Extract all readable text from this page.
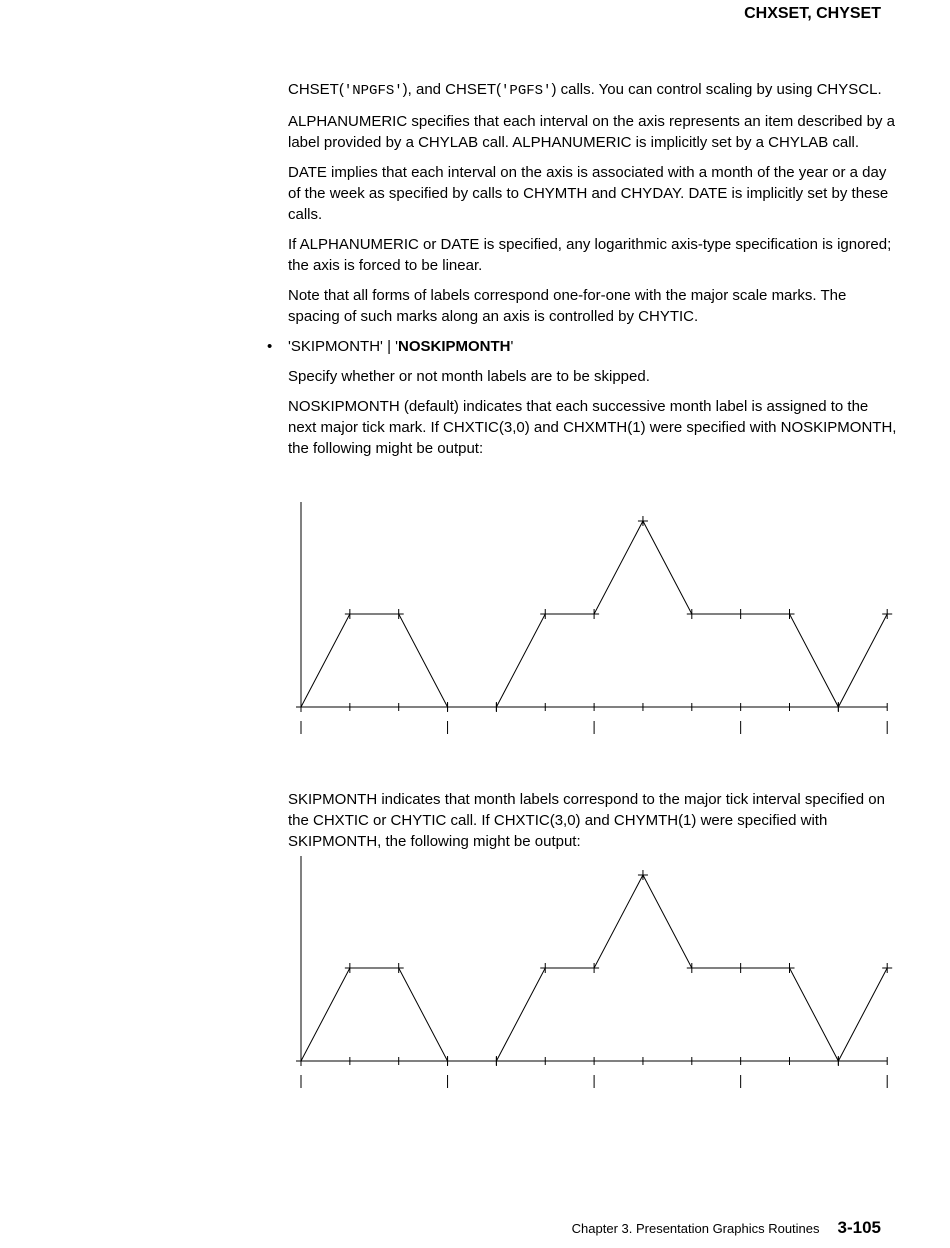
CHXSET, CHYSET

CHSET('NPGFS'), and CHSET('PGFS') calls. You can control scaling by using CHYSCL.

ALPHANUMERIC specifies that each interval on the axis represents an item described by a label provided by a CHYLAB call. ALPHANUMERIC is implicitly set by a CHYLAB call.

DATE implies that each interval on the axis is associated with a month of the year or a day of the week as specified by calls to CHYMTH and CHYDAY. DATE is implicitly set by these calls.

If ALPHANUMERIC or DATE is specified, any logarithmic axis-type specification is ignored; the axis is forced to be linear.

Note that all forms of labels correspond one-for-one with the major scale marks. The spacing of such marks along an axis is controlled by CHYTIC.

• 'SKIPMONTH' | 'NOSKIPMONTH'

Specify whether or not month labels are to be skipped.

NOSKIPMONTH (default) indicates that each successive month label is assigned to the next major tick mark. If CHXTIC(3,0) and CHXMTH(1) were specified with NOSKIPMONTH, the following might be output:

SKIPMONTH indicates that month labels correspond to the major tick interval specified on the CHXTIC or CHYTIC call. If CHXTIC(3,0) and CHYMTH(1) were specified with SKIPMONTH, the following might be output:

Chapter 3. Presentation Graphics Routines 3-105
